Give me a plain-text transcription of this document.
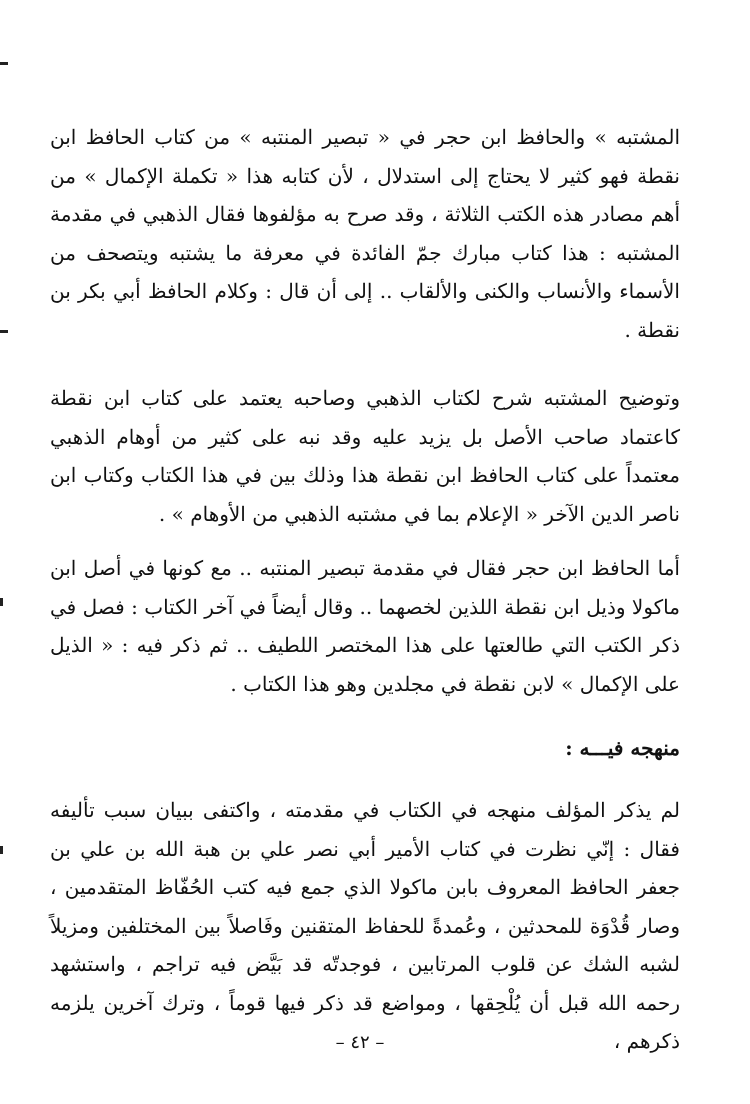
المشتبه » والحافظ ابن حجر في « تبصير المنتبه » من كتاب الحافظ ابن نقطة فهو كثير لا يحتاج إلى استدلال ، لأن كتابه هذا « تكملة الإكمال » من أهم مصادر هذه الكتب الثلاثة ، وقد صرح به مؤلفوها فقال الذهبي في مقدمة المشتبه : هذا كتاب مبارك جمّ الفائدة في معرفة ما يشتبه ويتصحف من الأسماء والأنساب والكنى والألقاب .. إلى أن قال : وكلام الحافظ أبي بكر بن نقطة .

وتوضيح المشتبه شرح لكتاب الذهبي وصاحبه يعتمد على كتاب ابن نقطة كاعتماد صاحب الأصل بل يزيد عليه وقد نبه على كثير من أوهام الذهبي معتمداً على كتاب الحافظ ابن نقطة هذا وذلك بين في هذا الكتاب وكتاب ابن ناصر الدين الآخر « الإعلام بما في مشتبه الذهبي من الأوهام » .

أما الحافظ ابن حجر فقال في مقدمة تبصير المنتبه .. مع كونها في أصل ابن ماكولا وذيل ابن نقطة اللذين لخصهما .. وقال أيضاً في آخر الكتاب : فصل في ذكر الكتب التي طالعتها على هذا المختصر اللطيف .. ثم ذكر فيه : « الذيل على الإكمال » لابن نقطة في مجلدين وهو هذا الكتاب .

منهجه فيـــه :

لم يذكر المؤلف منهجه في الكتاب في مقدمته ، واكتفى ببيان سبب تأليفه فقال : إنّي نظرت في كتاب الأمير أبي نصر علي بن هبة الله بن علي بن جعفر الحافظ المعروف بابن ماكولا الذي جمع فيه كتب الحُفّاظ المتقدمين ، وصار قُدْوَة للمحدثين ، وعُمدةً للحفاظ المتقنين وفَاصلاً بين المختلفين ومزيلاً لشبه الشك عن قلوب المرتابين ، فوجدتّه قد بَيَّض فيه تراجم ، واستشهد رحمه الله قبل أن يُلْحِقها ، ومواضع قد ذكر فيها قوماً ، وترك آخرين يلزمه ذكرهم ،

– ٤٢ –
